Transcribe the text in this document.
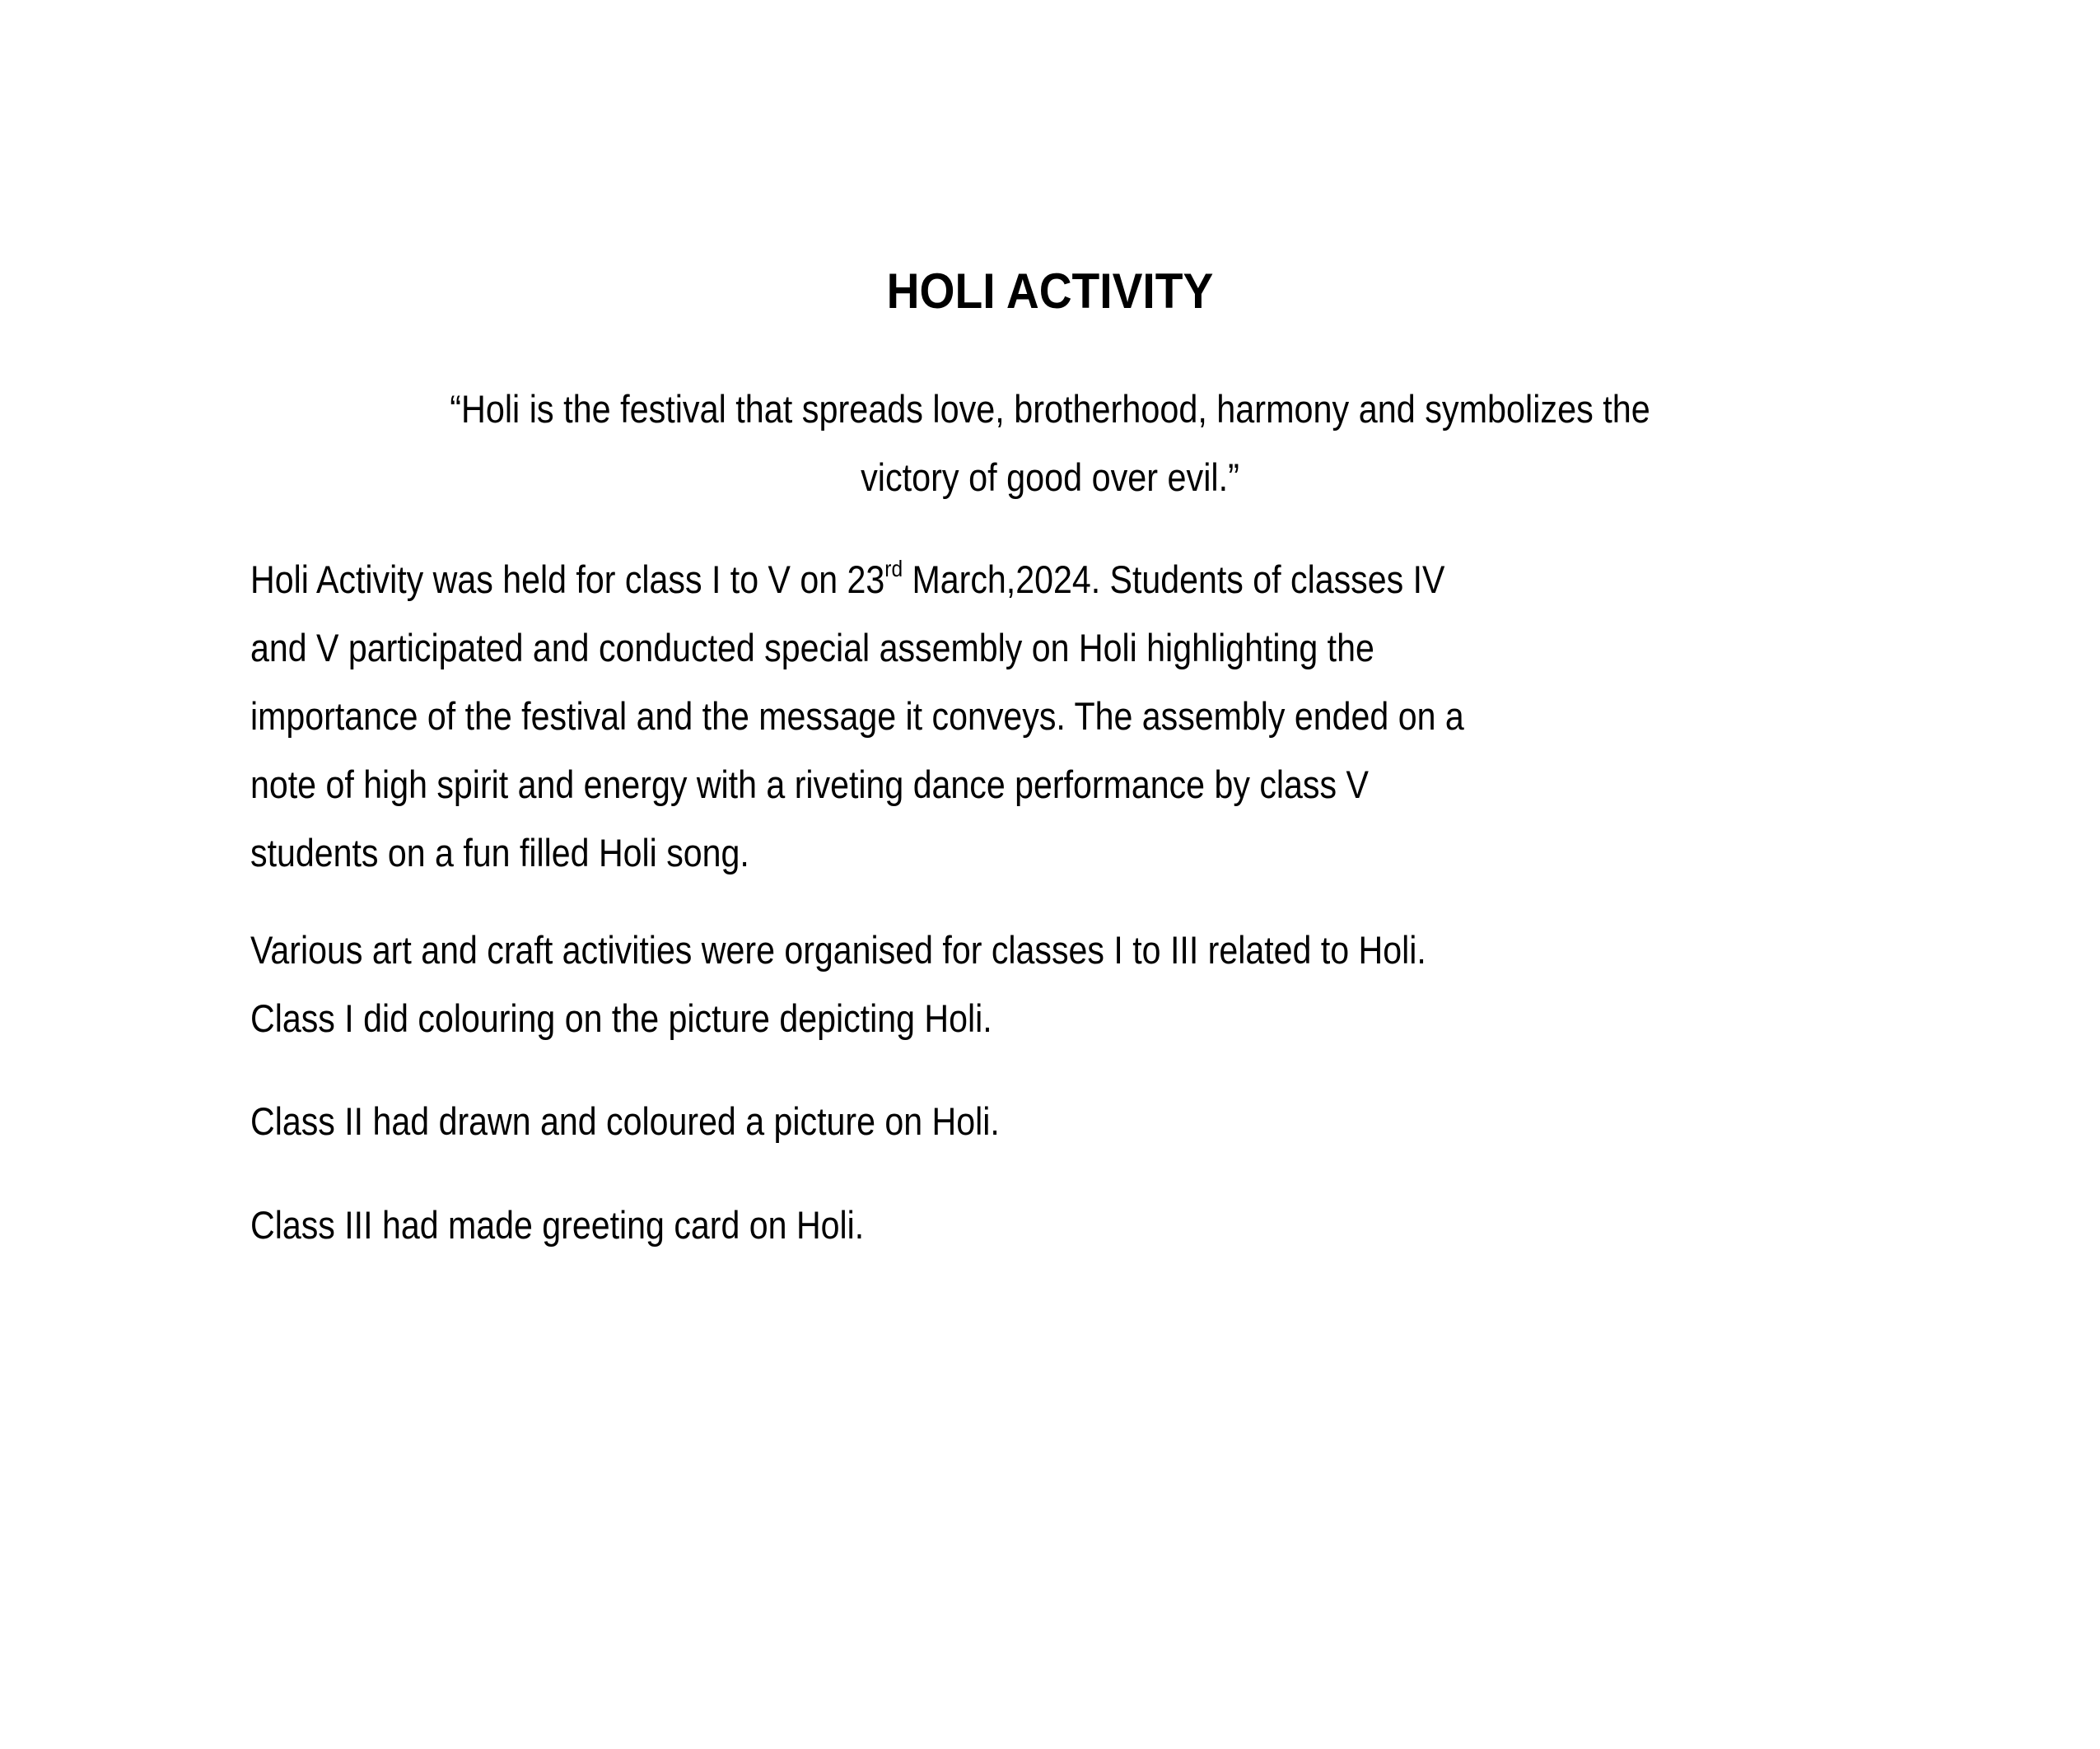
HOLI ACTIVITY
“Holi is the festival that spreads love, brotherhood, harmony and symbolizes the
victory of good over evil.”

Holi Activity was held for class I to V on 23rd March,2024. Students of classes IV

and V participated and conducted special assembly on Holi highlighting the

importance of the festival and the message it conveys. The assembly ended on a

note of high spirit and energy with a riveting dance performance by class V

students on a fun filled Holi song.

Various art and craft activities were organised for classes I to III related to Holi.

Class I did colouring on the picture depicting Holi.

Class II had drawn and coloured a picture on Holi.

Class III had made greeting card on Holi.
